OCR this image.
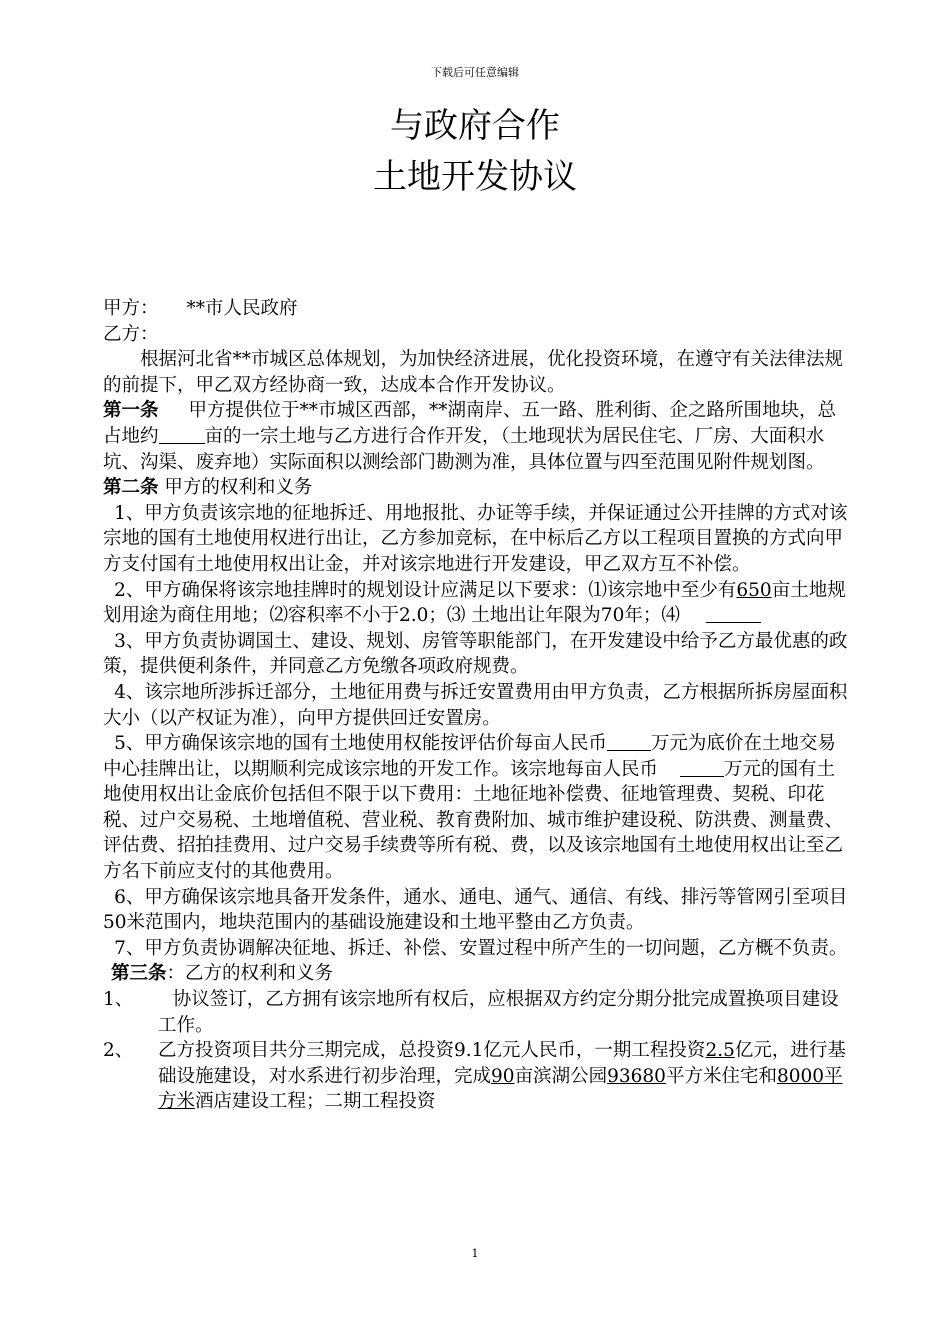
下载后可任意编辑
与政府合作
土地开发协议

甲方： **市人民政府

乙方：

根据河北省**市城区总体规划，为加快经济进展，优化投资环境，在遵守有关法律法规的前提下，甲乙双方经协商一致，达成本合作开发协议。

第一条 甲方提供位于**市城区西部，**湖南岸、五一路、胜利街、企之路所围地块，总占地约 亩的一宗土地与乙方进行合作开发，（土地现状为居民住宅、厂房、大面积水坑、沟渠、废弃地）实际面积以测绘部门勘测为准，具体位置与四至范围见附件规划图。

第二条 甲方的权利和义务

1、甲方负责该宗地的征地拆迁、用地报批、办证等手续，并保证通过公开挂牌的方式对该宗地的国有土地使用权进行出让，乙方参加竞标，在中标后乙方以工程项目置换的方式向甲方支付国有土地使用权出让金，并对该宗地进行开发建设，甲乙双方互不补偿。

2、甲方确保将该宗地挂牌时的规划设计应满足以下要求：⑴该宗地中至少有650亩土地规划用途为商住用地；⑵容积率不小于2.0；⑶ 土地出让年限为70年；⑷

3、甲方负责协调国土、建设、规划、房管等职能部门，在开发建设中给予乙方最优惠的政策，提供便利条件，并同意乙方免缴各项政府规费。

4、该宗地所涉拆迁部分，土地征用费与拆迁安置费用由甲方负责，乙方根据所拆房屋面积大小（以产权证为准），向甲方提供回迁安置房。

5、甲方确保该宗地的国有土地使用权能按评估价每亩人民币 万元为底价在土地交易中心挂牌出让，以期顺利完成该宗地的开发工作。该宗地每亩人民币	万元的国有土地使用权出让金底价包括但不限于以下费用：土地征地补偿费、征地管理费、契税、印花税、过户交易税、土地增值税、营业税、教育费附加、城市维护建设税、防洪费、测量费、评估费、招拍挂费用、过户交易手续费等所有税、费，以及该宗地国有土地使用权出让至乙方名下前应支付的其他费用。

6、甲方确保该宗地具备开发条件，通水、通电、通气、通信、有线、排污等管网引至项目50米范围内，地块范围内的基础设施建设和土地平整由乙方负责。

7、甲方负责协调解决征地、拆迁、补偿、安置过程中所产生的一切问题，乙方概不负责。

第三条：乙方的权利和义务

1、	协议签订，乙方拥有该宗地所有权后，应根据双方约定分期分批完成置换项目建设工作。
2、	乙方投资项目共分三期完成，总投资9.1亿元人民币，一期工程投资2.5亿元，进行基础设施建设，对水系进行初步治理，完成90亩滨湖公园93680平方米住宅和8000平方米酒店建设工程；二期工程投资
1
